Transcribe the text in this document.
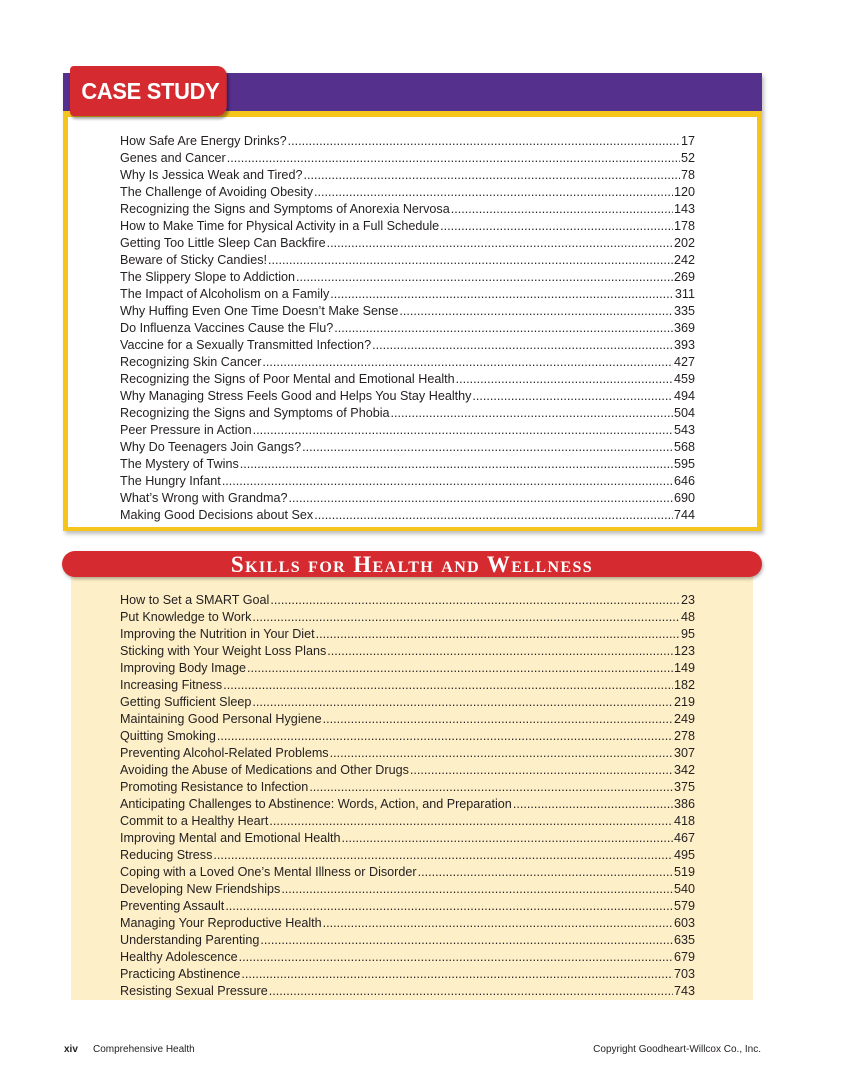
CASE STUDY
How Safe Are Energy Drinks? .....	17
Genes and Cancer .....	52
Why Is Jessica Weak and Tired? .....	78
The Challenge of Avoiding Obesity .....	120
Recognizing the Signs and Symptoms of Anorexia Nervosa .....	143
How to Make Time for Physical Activity in a Full Schedule .....	178
Getting Too Little Sleep Can Backfire .....	202
Beware of Sticky Candies! .....	242
The Slippery Slope to Addiction .....	269
The Impact of Alcoholism on a Family .....	311
Why Huffing Even One Time Doesn’t Make Sense .....	335
Do Influenza Vaccines Cause the Flu? .....	369
Vaccine for a Sexually Transmitted Infection? .....	393
Recognizing Skin Cancer .....	427
Recognizing the Signs of Poor Mental and Emotional Health .....	459
Why Managing Stress Feels Good and Helps You Stay Healthy .....	494
Recognizing the Signs and Symptoms of Phobia .....	504
Peer Pressure in Action .....	543
Why Do Teenagers Join Gangs? .....	568
The Mystery of Twins .....	595
The Hungry Infant .....	646
What’s Wrong with Grandma? .....	690
Making Good Decisions about Sex .....	744
Skills for Health and Wellness
How to Set a SMART Goal .....	23
Put Knowledge to Work .....	48
Improving the Nutrition in Your Diet .....	95
Sticking with Your Weight Loss Plans .....	123
Improving Body Image .....	149
Increasing Fitness .....	182
Getting Sufficient Sleep .....	219
Maintaining Good Personal Hygiene .....	249
Quitting Smoking .....	278
Preventing Alcohol-Related Problems .....	307
Avoiding the Abuse of Medications and Other Drugs .....	342
Promoting Resistance to Infection .....	375
Anticipating Challenges to Abstinence: Words, Action, and Preparation .....	386
Commit to a Healthy Heart .....	418
Improving Mental and Emotional Health .....	467
Reducing Stress .....	495
Coping with a Loved One’s Mental Illness or Disorder .....	519
Developing New Friendships .....	540
Preventing Assault .....	579
Managing Your Reproductive Health .....	603
Understanding Parenting .....	635
Healthy Adolescence .....	679
Practicing Abstinence .....	703
Resisting Sexual Pressure .....	743
xiv Comprehensive Health	Copyright Goodheart-Willcox Co., Inc.
